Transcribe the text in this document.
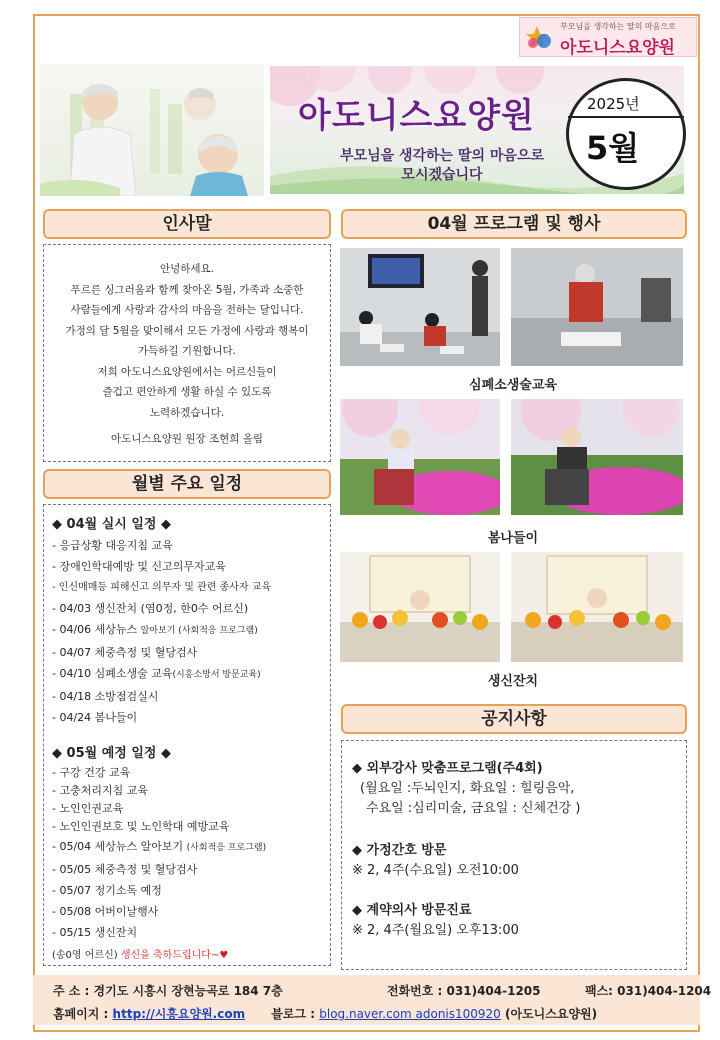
부모님을 생각하는 딸의 마음으로
아도니스요양원
아도니스요양원
부모님을 생각하는 딸의 마음으로
모시겠습니다
2025년
5월
인사말

안녕하세요.

푸르른 싱그러움과 함께 찾아온 5월, 가족과 소중한

사람들에게 사랑과 감사의 마음을 전하는 달입니다.

가정의 달 5월을 맞이해서 모든 가정에 사랑과 행복이

가득하길 기원합니다.

저희 아도니스요양원에서는 어르신들이

즐겁고 편안하게 생활 하실 수 있도록

노력하겠습니다.

아도니스요양원 원장 조현희 올림

월별 주요 일정

◆ 04월 실시 일정 ◆

- 응급상황 대응지침 교육
- 장애인학대예방 및 신고의무자교육
- 인신매매등 피해신고 의무자 및 관련 종사자 교육
- 04/03 생신잔치 (염0정, 한0수 어르신)
- 04/06 세상뉴스 알아보기 (사회적응 프로그램)
- 04/07 체중측정 및 혈당검사
- 04/10 심폐소생술 교육(시흥소방서 방문교육)
- 04/18 소방점검실시
- 04/24 봄나들이

◆ 05월 예정 일정 ◆

- 구강 건강 교육
- 고충처리지침 교육
- 노인인권교육
- 노인인권보호 및 노인학대 예방교육
- 05/04 세상뉴스 알아보기 (사회적응 프로그램)
- 05/05 체중측정 및 혈당검사
- 05/07 정기소독 예정
- 05/08 어버이날행사
- 05/15 생신잔치
(송0영 어르신) 생신을 축하드립니다~♥
04월 프로그램 및 행사
심폐소생술교육
봄나들이
생신잔치
공지사항
◆ 외부강사 맞춤프로그램(주4회)
(월요일 :두뇌인지, 화요일 : 힐링음악,
수요일 :심리미술, 금요일 : 신체건강 )
◆ 가정간호 방문
※ 2, 4주(수요일) 오전10:00
◆ 계약의사 방문진료
※ 2, 4주(월요일) 오후13:00
주 소 : 경기도 시흥시 장현능곡로 184 7층	전화번호 : 031)404-1205	팩스: 031)404-1204
홈페이지 : http://시흥요양원.com 블로그 : blog.naver.com adonis100920 (아도니스요양원)
